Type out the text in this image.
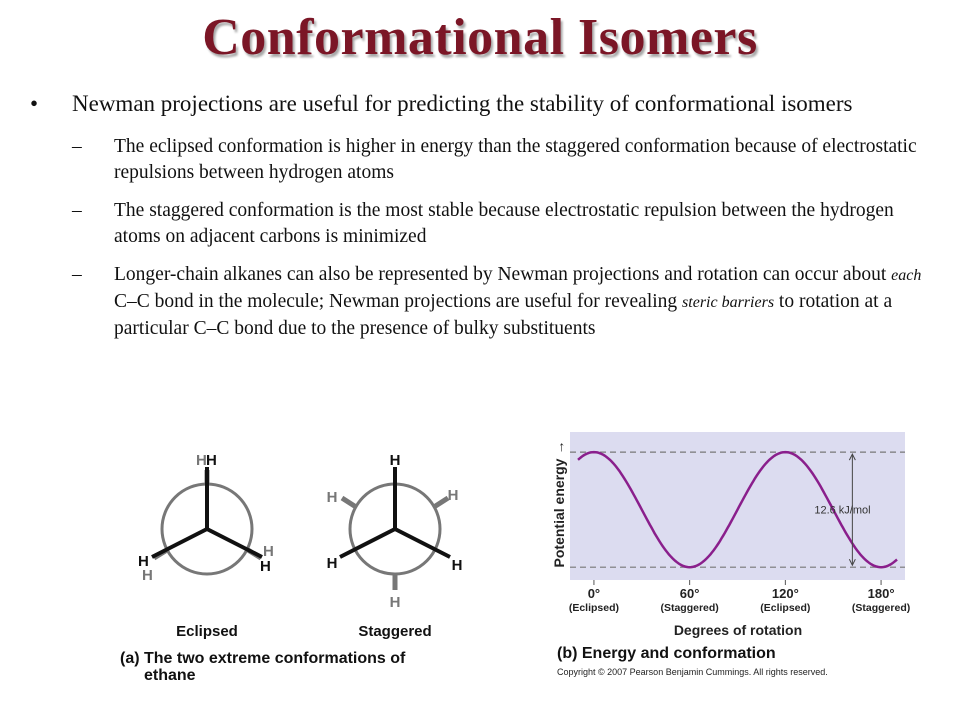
Conformational Isomers
• Newman projections are useful for predicting the stability of conformational isomers
– The eclipsed conformation is higher in energy than the staggered conformation because of electrostatic repulsions between hydrogen atoms
– The staggered conformation is the most stable because electrostatic repulsion between the hydrogen atoms on adjacent carbons is minimized
– Longer-chain alkanes can also be represented by Newman projections and rotation can occur about each C–C bond in the molecule; Newman projections are useful for revealing steric barriers to rotation at a particular C–C bond due to the presence of bulky substituents
H H
H
H
H
H
Eclipsed
H
H	H
H	H
H
Staggered
(a) The two extreme conformations of
ethane
Potential energy→
12.6 kJ/mol
0°
(Eclipsed)
60°
(Staggered)
120°
(Eclipsed)
180°
(Staggered)
Degrees of rotation
(b) Energy and conformation
Copyright © 2007 Pearson Benjamin Cummings. All rights reserved.
